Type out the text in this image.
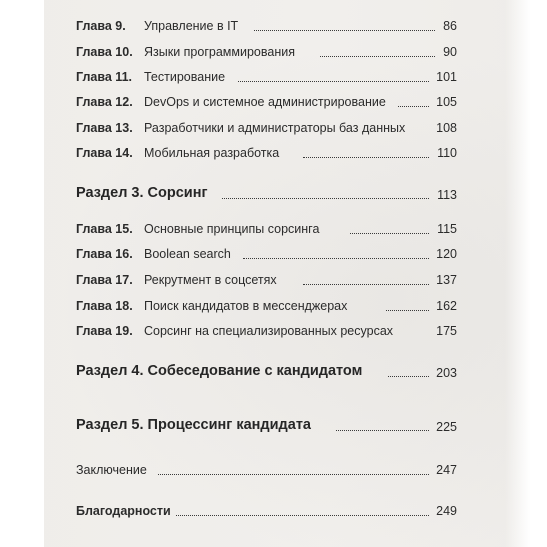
Глава 9. Управление в IT	86
Глава 10. Языки программирования	90
Глава 11. Тестирование	101
Глава 12. DevOps и системное администрирование	105
Глава 13. Разработчики и администраторы баз данных 108
Глава 14. Мобильная разработка	110
Раздел 3. Сорсинг	113
Глава 15. Основные принципы сорсинга	115
Глава 16. Boolean search	120
Глава 17. Рекрутмент в соцсетях	137
Глава 18. Поиск кандидатов в мессенджерах	162
Глава 19. Сорсинг на специализированных ресурсах	175
Раздел 4. Собеседование с кандидатом	203
Раздел 5. Процессинг кандидата	225
Заключение	247
Благодарности	249
